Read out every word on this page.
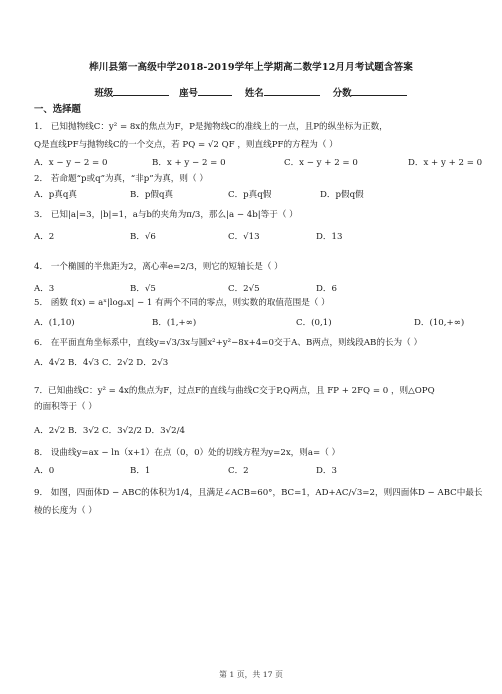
桦川县第一高级中学2018-2019学年上学期高二数学12月月考试题含答案
班级	座号	姓名	分数
一、选择题
1． 已知抛物线C：y² = 8x的焦点为F，P是抛物线C的准线上的一点，且P的纵坐标为正数，
Q是直线PF与抛物线C的一个交点，若 PQ = √2 QF ，则直线PF的方程为（ ）
A．x − y − 2 = 0	B．x + y − 2 = 0	C．x − y + 2 = 0	D．x + y + 2 = 0
2． 若命题“p或q”为真，“非p”为真，则（ ）
A．p真q真	B．p假q真	C．p真q假	D．p假q假
3． 已知|a|=3，|b|=1，a与b的夹角为π/3，那么|a − 4b|等于（ ）
A．2	B．√6	C．√13	D．13
4． 一个椭圆的半焦距为2，离心率e=2/3，则它的短轴长是（ ）
A．3	B．√5	C．2√5	D．6
5． 函数 f(x) = aˣ|logₐx| − 1 有两个不同的零点，则实数的取值范围是（ ）
A．(1,10)	B．(1,+∞)	C．(0,1)	D．(10,+∞)
6． 在平面直角坐标系中，直线y=√3/3x与圆x²+y²−8x+4=0交于A、B两点，则线段AB的长为（ ）
A．4√2 B．4√3 C．2√2 D．2√3
7．已知曲线C：y² = 4x的焦点为F，过点F的直线与曲线C交于P,Q两点，且 FP + 2FQ = 0 ，则△OPQ
的面积等于（ ）
A．2√2 B．3√2 C．3√2/2 D．3√2/4
8． 设曲线y=ax − ln（x+1）在点（0，0）处的切线方程为y=2x，则a=（ ）
A．0	B．1	C．2	D．3
9． 如图，四面体D − ABC的体积为1/4，且满足∠ACB=60°，BC=1，AD+AC/√3=2，则四面体D − ABC中最长
棱的长度为（ ）
第 1 页，共 17 页
